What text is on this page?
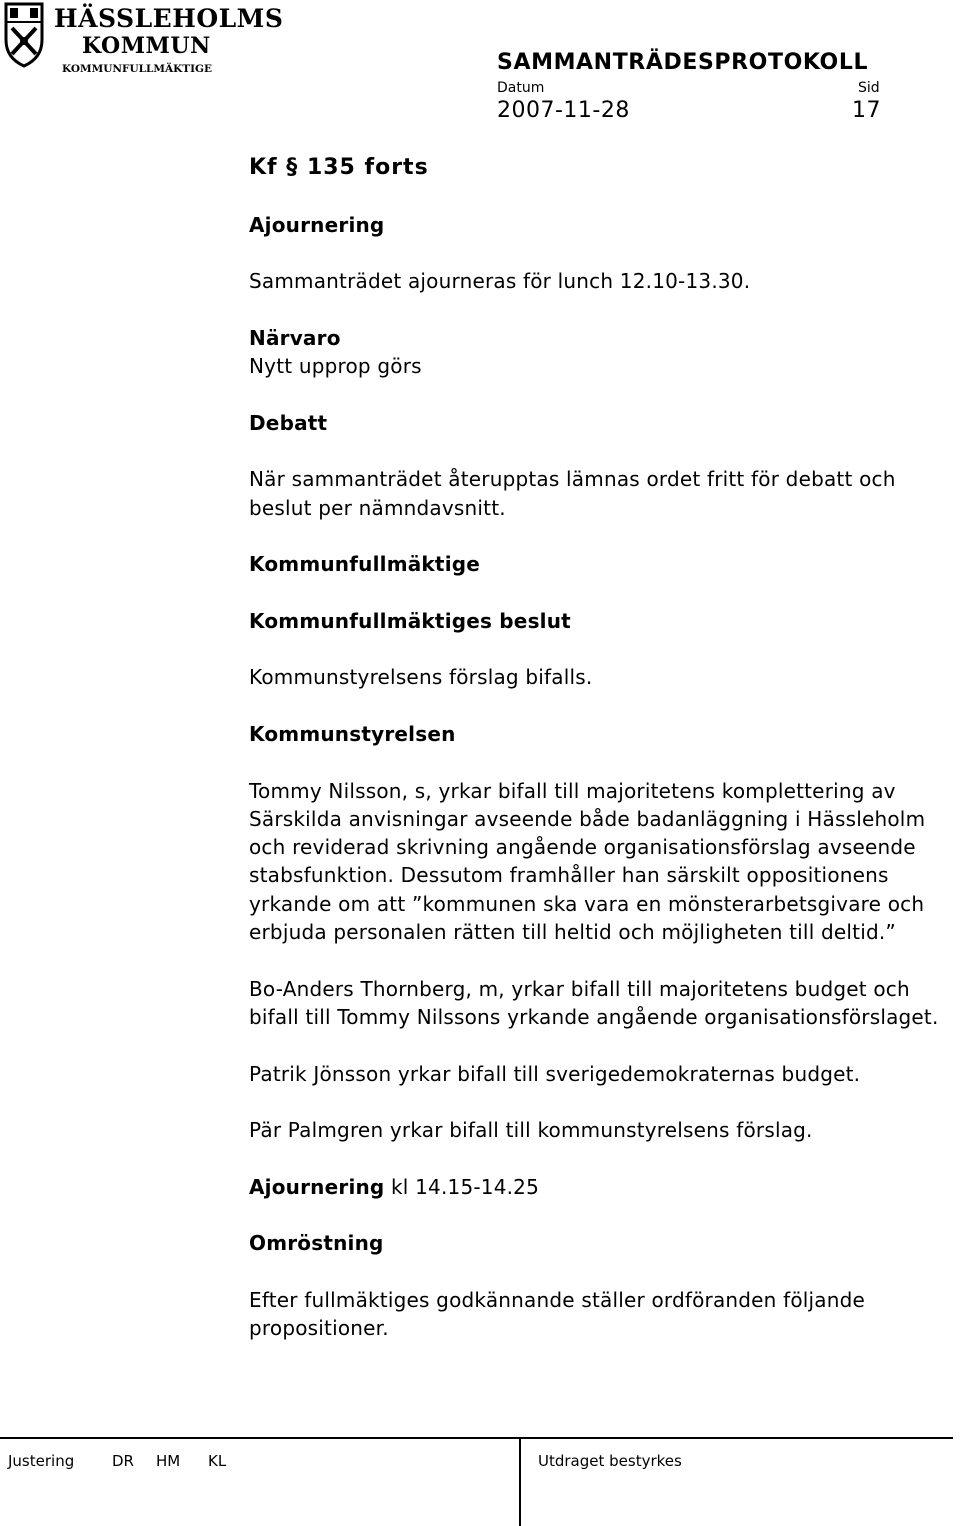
HÄSSLEHOLMS
KOMMUN
KOMMUNFULLMÄKTIGE	SAMMANTRÄDESPROTOKOLL
Datum	Sid
2007-11-28	17

Kf § 135 forts

Ajournering

Sammanträdet ajourneras för lunch 12.10-13.30.

Närvaro

Nytt upprop görs

Debatt

När sammanträdet återupptas lämnas ordet fritt för debatt och beslut per nämndavsnitt.

Kommunfullmäktige

Kommunfullmäktiges beslut

Kommunstyrelsens förslag bifalls.

Kommunstyrelsen

Tommy Nilsson, s, yrkar bifall till majoritetens komplettering av Särskilda anvisningar avseende både badanläggning i Hässleholm och reviderad skrivning angående organisationsförslag avseende stabsfunktion. Dessutom framhåller han särskilt oppositionens yrkande om att ”kommunen ska vara en mönsterarbetsgivare och erbjuda personalen rätten till heltid och möjligheten till deltid.”

Bo-Anders Thornberg, m, yrkar bifall till majoritetens budget och bifall till Tommy Nilssons yrkande angående organisationsförslaget.

Patrik Jönsson yrkar bifall till sverigedemokraternas budget.

Pär Palmgren yrkar bifall till kommunstyrelsens förslag.

Ajournering kl 14.15-14.25

Omröstning

Efter fullmäktiges godkännande ställer ordföranden följande propositioner.

Justering	DR HM KL	Utdraget bestyrkes
